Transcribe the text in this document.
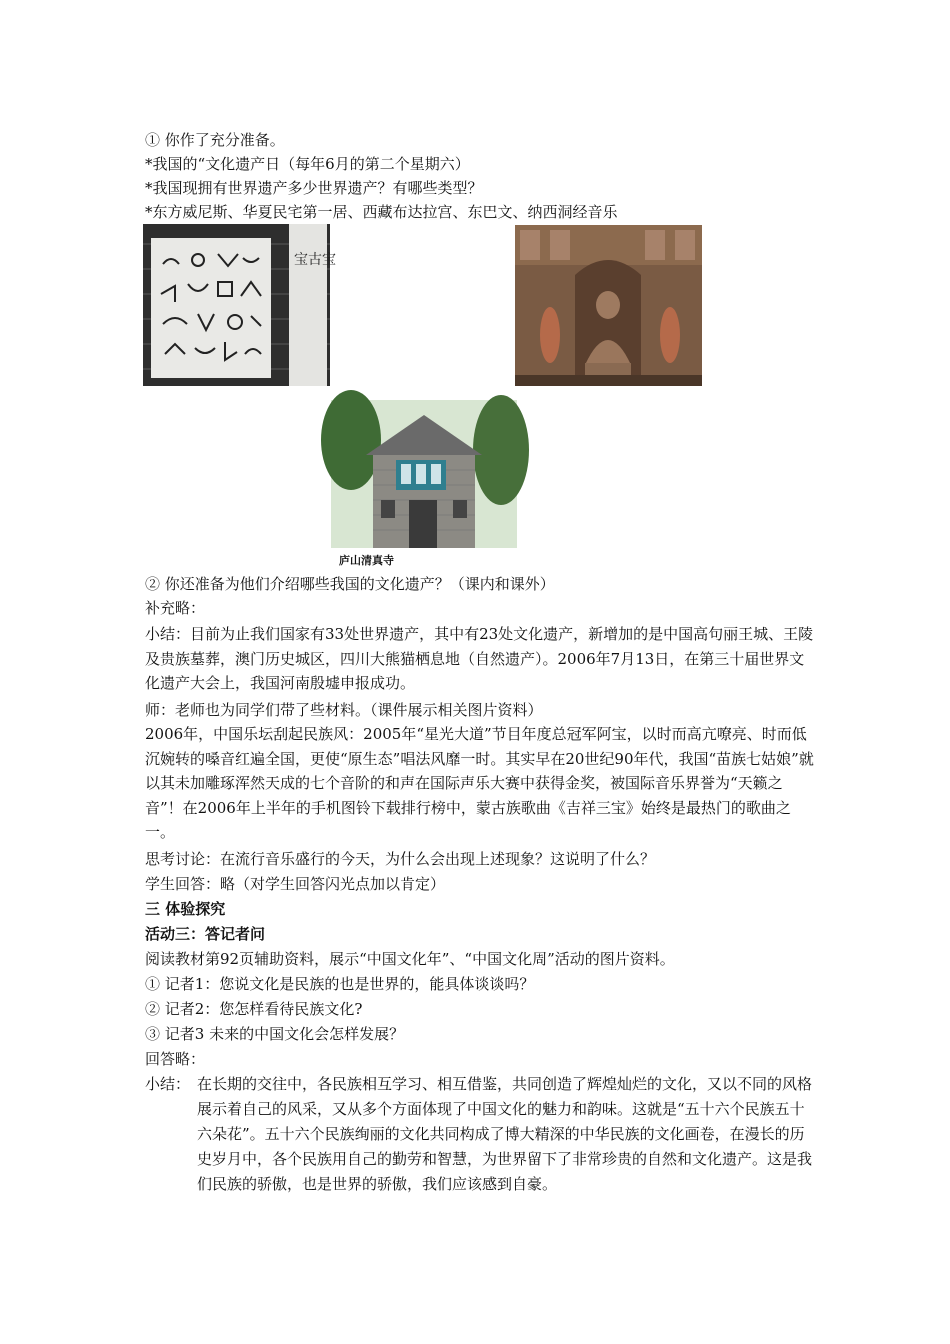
① 你作了充分准备。
*我国的“文化遗产日（每年6月的第二个星期六）
*我国现拥有世界遗产多少世界遗产？有哪些类型？
*东方威尼斯、华夏民宅第一居、西藏布达拉宫、东巴文、纳西洞经音乐
宝古宝
庐山清真寺
② 你还准备为他们介绍哪些我国的文化遗产？（课内和课外）
补充略：
小结：目前为止我们国家有33处世界遗产，其中有23处文化遗产，新增加的是中国高句丽王城、王陵及贵族墓葬，澳门历史城区，四川大熊猫栖息地（自然遗产）。2006年7月13日，在第三十届世界文化遗产大会上，我国河南殷墟申报成功。
师：老师也为同学们带了些材料。（课件展示相关图片资料）
2006年，中国乐坛刮起民族风：2005年“星光大道”节目年度总冠军阿宝，以时而高亢嘹亮、时而低沉婉转的嗓音红遍全国，更使“原生态”唱法风靡一时。其实早在20世纪90年代，我国“苗族七姑娘”就以其未加雕琢浑然天成的七个音阶的和声在国际声乐大赛中获得金奖，被国际音乐界誉为“天籁之音”！在2006年上半年的手机图铃下载排行榜中，蒙古族歌曲《吉祥三宝》始终是最热门的歌曲之一。
思考讨论：在流行音乐盛行的今天，为什么会出现上述现象？这说明了什么？
学生回答：略（对学生回答闪光点加以肯定）
三 体验探究
活动三：答记者问
阅读教材第92页辅助资料，展示“中国文化年”、“中国文化周”活动的图片资料。
① 记者1：您说文化是民族的也是世界的，能具体谈谈吗？
② 记者2：您怎样看待民族文化?
③ 记者3 未来的中国文化会怎样发展？
回答略：
小结： 在长期的交往中，各民族相互学习、相互借鉴，共同创造了辉煌灿烂的文化，又以不同的风格展示着自己的风采，又从多个方面体现了中国文化的魅力和韵味。这就是“五十六个民族五十六朵花”。五十六个民族绚丽的文化共同构成了博大精深的中华民族的文化画卷，在漫长的历史岁月中，各个民族用自己的勤劳和智慧，为世界留下了非常珍贵的自然和文化遗产。这是我们民族的骄傲，也是世界的骄傲，我们应该感到自豪。
